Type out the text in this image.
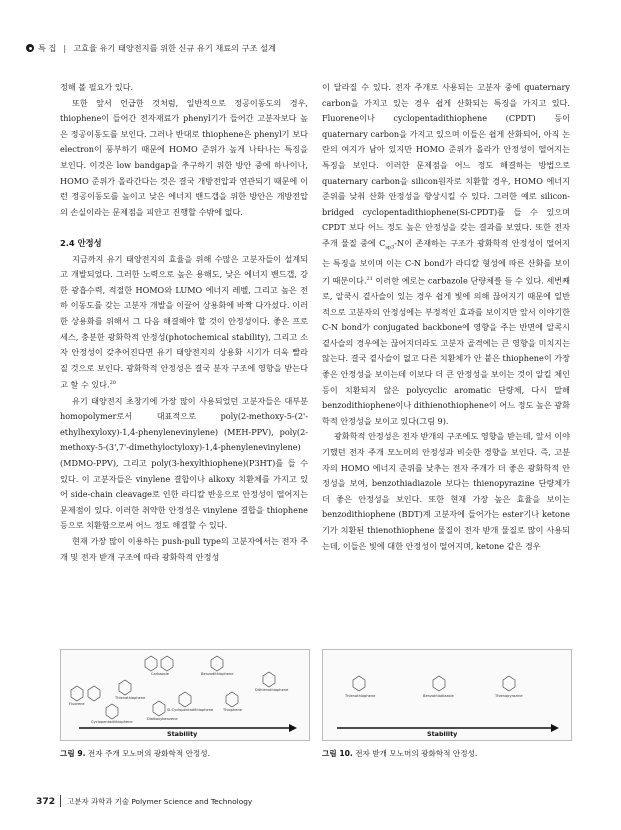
특 집 | 고효율 유기 태양전지를 위한 신규 유기 재료의 구조 설계

정해 볼 필요가 있다.

또한 앞서 언급한 것처럼, 일반적으로 정공이동도의 경우, thiophene이 들어간 전자재료가 phenyl기가 들어간 고분자보다 높은 정공이동도를 보인다. 그러나 반대로 thiophene은 phenyl기 보다 electron이 풍부하기 때문에 HOMO 준위가 높게 나타나는 특징을 보인다. 이것은 low bandgap을 추구하기 위한 방안 중에 하나이나, HOMO 준위가 올라간다는 것은 결국 개방전압과 연관되기 때문에 이런 정공이동도를 높이고 낮은 에너지 밴드갭을 위한 방안은 개방전압의 손실이라는 문제점을 피안고 진행할 수밖에 없다.

2.4 안정성

지금까지 유기 태양전지의 효율을 위해 수많은 고분자들이 설계되고 개발되었다. 그러한 노력으로 높은 용해도, 낮은 에너지 밴드갭, 강한 광흡수력, 적절한 HOMO와 LUMO 에너지 레벨, 그리고 높은 전하 이동도를 갖는 고분자 개발을 이끌어 상용화에 바짝 다가섰다. 이러한 상용화를 위해서 그 다음 해결해야 할 것이 안정성이다. 좋은 프로세스, 충분한 광화학적 안정성(photochemical stability), 그리고 소자 안정성이 갖추어진다면 유기 태양전지의 상용화 시기가 더욱 빨라질 것으로 보인다. 광화학적 안정성은 결국 분자 구조에 영향을 받는다고 할 수 있다.$^{20}$

유기 태양전지 초창기에 가장 많이 사용되었던 고분자들은 대부분 homopolymer로서 대표적으로 poly(2-methoxy-5-(2'-ethylhexyloxy)-1,4-phenylenevinylene) (MEH-PPV), poly(2-methoxy-5-(3',7'-dimethyloctyloxy)-1,4-phenylenevinylene)(MDMO-PPV), 그리고 poly(3-hexylthiophene)(P3HT)를 들 수 있다. 이 고분자들은 vinylene 결합이나 alkoxy 치환체를 가지고 있어 side-chain cleavage로 인한 라디칼 반응으로 안정성이 떨어지는 문제점이 있다. 이러한 취약한 안정성은 vinylene 결합을 thiophene 등으로 치환함으로써 어느 정도 해결할 수 있다.

현재 가장 많이 이용하는 push-pull type의 고분자에서는 전자 주개 및 전자 받개 구조에 따라 광화학적 안정성

이 달라질 수 있다. 전자 주개로 사용되는 고분자 중에 quaternary carbon을 가지고 있는 경우 쉽게 산화되는 특징을 가지고 있다. Fluorene이나 cyclopentadithiophene (CPDT) 등이 quaternary carbon을 가지고 있으며 이들은 쉽게 산화되어, 아직 논란의 여지가 남아 있지만 HOMO 준위가 올라가 안정성이 떨어지는 특징을 보인다. 이러한 문제점을 어느 정도 해결하는 방법으로 quaternary carbon을 silicon원자로 치환할 경우, HOMO 에너지 준위를 낮춰 산화 안정성을 향상시킬 수 있다. 그러한 예로 silicon-bridged cyclopentadithiophene(Si-CPDT)를 들 수 있으며 CPDT 보다 어느 정도 높은 안정성을 갖는 결과를 보였다. 또한 전자 주개 물질 중에 $C_{sp3}-N$이 존재하는 구조가 광화학적 안정성이 떨어지는 특징을 보이며 이는 C-N bond가 라디칼 형성에 따른 산화를 보이기 때문이다.$^{21}$ 이러한 예로는 carbazole 단량체를 들 수 있다. 세번째로, 알쿡시 곁사슬이 있는 경우 쉽게 빛에 의해 끊어지기 때문에 일반적으로 고분자의 안정성에는 부정적인 효과를 보이지만 앞서 이야기한 C-N bond가 conjugated backbone에 영향을 주는 반면에 알콕시 곁사슬의 경우에는 끊어지더라도 고분자 골격에는 큰 영향을 미치지는 않는다. 결국 곁사슬이 없고 다른 치환체가 안 붙은 thiophene이 가장 좋은 안정성을 보이는데 이보다 더 큰 안정성을 보이는 것이 알킬 체인 등이 치환되지 않은 polycyclic aromatic 단량체, 다시 말해 benzodithiophene이나 dithienothiophene이 어느 정도 높은 광화학적 안정성을 보이고 있다(그림 9).

광화학적 안정성은 전자 받개의 구조에도 영향을 받는데, 앞서 이야기했던 전자 주개 모노머의 안정성과 비슷한 경향을 보인다. 즉, 고분자의 HOMO 에너지 준위를 낮추는 전자 주개가 더 좋은 광화학적 안정성을 보여, benzothiadiazole 보다는 thienopyrazine 단량체가 더 좋은 안정성을 보인다. 또한 현재 가장 높은 효율을 보이는 benzodithiophene (BDT)계 고분자에 들어가는 ester기나 ketone기가 치환된 thienothiophene 물질이 전자 받개 물질로 많이 사용되는데, 이들은 빛에 대한 안정성이 떨어지며, ketone 같은 경우

Fluorene
Thienothiophene
Carbazole	Benzodithiophene
Dithienothiophene
Cyclopentadithiophene
Si-Cyclopentadithiophene	Thiophene
Dialkoxybenzene
Stability
Thienothiophene	Benzothiadiazole	Thienopyrazine
Stability
그림 9. 전자 주개 모노머의 광화학적 안정성.	그림 10. 전자 받개 모노머의 광화학적 안정성.
372 고분자 과학과 기술 Polymer Science and Technology
